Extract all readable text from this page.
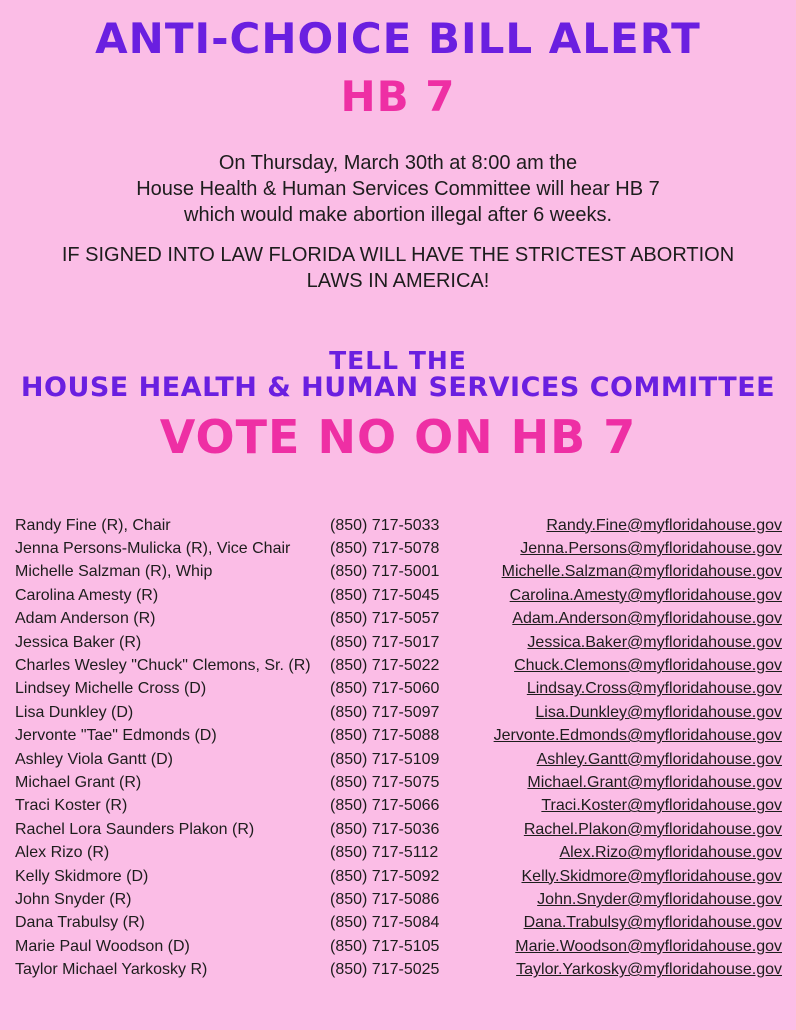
ANTI-CHOICE BILL ALERT
HB 7
On Thursday, March 30th at 8:00 am the
House Health & Human Services Committee will hear HB 7
which would make abortion illegal after 6 weeks.
IF SIGNED INTO LAW FLORIDA WILL HAVE THE STRICTEST ABORTION
LAWS IN AMERICA!
TELL THE
HOUSE HEALTH & HUMAN SERVICES COMMITTEE
VOTE NO ON HB 7
Randy Fine (R), Chair	(850) 717-5033	Randy.Fine@myfloridahouse.gov
Jenna Persons-Mulicka (R), Vice Chair	(850) 717-5078	Jenna.Persons@myfloridahouse.gov
Michelle Salzman (R), Whip	(850) 717-5001	Michelle.Salzman@myfloridahouse.gov
Carolina Amesty (R)	(850) 717-5045	Carolina.Amesty@myfloridahouse.gov
Adam Anderson (R)	(850) 717-5057	Adam.Anderson@myfloridahouse.gov
Jessica Baker (R)	(850) 717-5017	Jessica.Baker@myfloridahouse.gov
Charles Wesley "Chuck" Clemons, Sr. (R)	(850) 717-5022	Chuck.Clemons@myfloridahouse.gov
Lindsey Michelle Cross (D)	(850) 717-5060	Lindsay.Cross@myfloridahouse.gov
Lisa Dunkley (D)	(850) 717-5097	Lisa.Dunkley@myfloridahouse.gov
Jervonte "Tae" Edmonds (D)	(850) 717-5088	Jervonte.Edmonds@myfloridahouse.gov
Ashley Viola Gantt (D)	(850) 717-5109	Ashley.Gantt@myfloridahouse.gov
Michael Grant (R)	(850) 717-5075	Michael.Grant@myfloridahouse.gov
Traci Koster (R)	(850) 717-5066	Traci.Koster@myfloridahouse.gov
Rachel Lora Saunders Plakon (R)	(850) 717-5036	Rachel.Plakon@myfloridahouse.gov
Alex Rizo (R)	(850) 717-5112	Alex.Rizo@myfloridahouse.gov
Kelly Skidmore (D)	(850) 717-5092	Kelly.Skidmore@myfloridahouse.gov
John Snyder (R)	(850) 717-5086	John.Snyder@myfloridahouse.gov
Dana Trabulsy (R)	(850) 717-5084	Dana.Trabulsy@myfloridahouse.gov
Marie Paul Woodson (D)	(850) 717-5105	Marie.Woodson@myfloridahouse.gov
Taylor Michael Yarkosky R)	(850) 717-5025	Taylor.Yarkosky@myfloridahouse.gov
